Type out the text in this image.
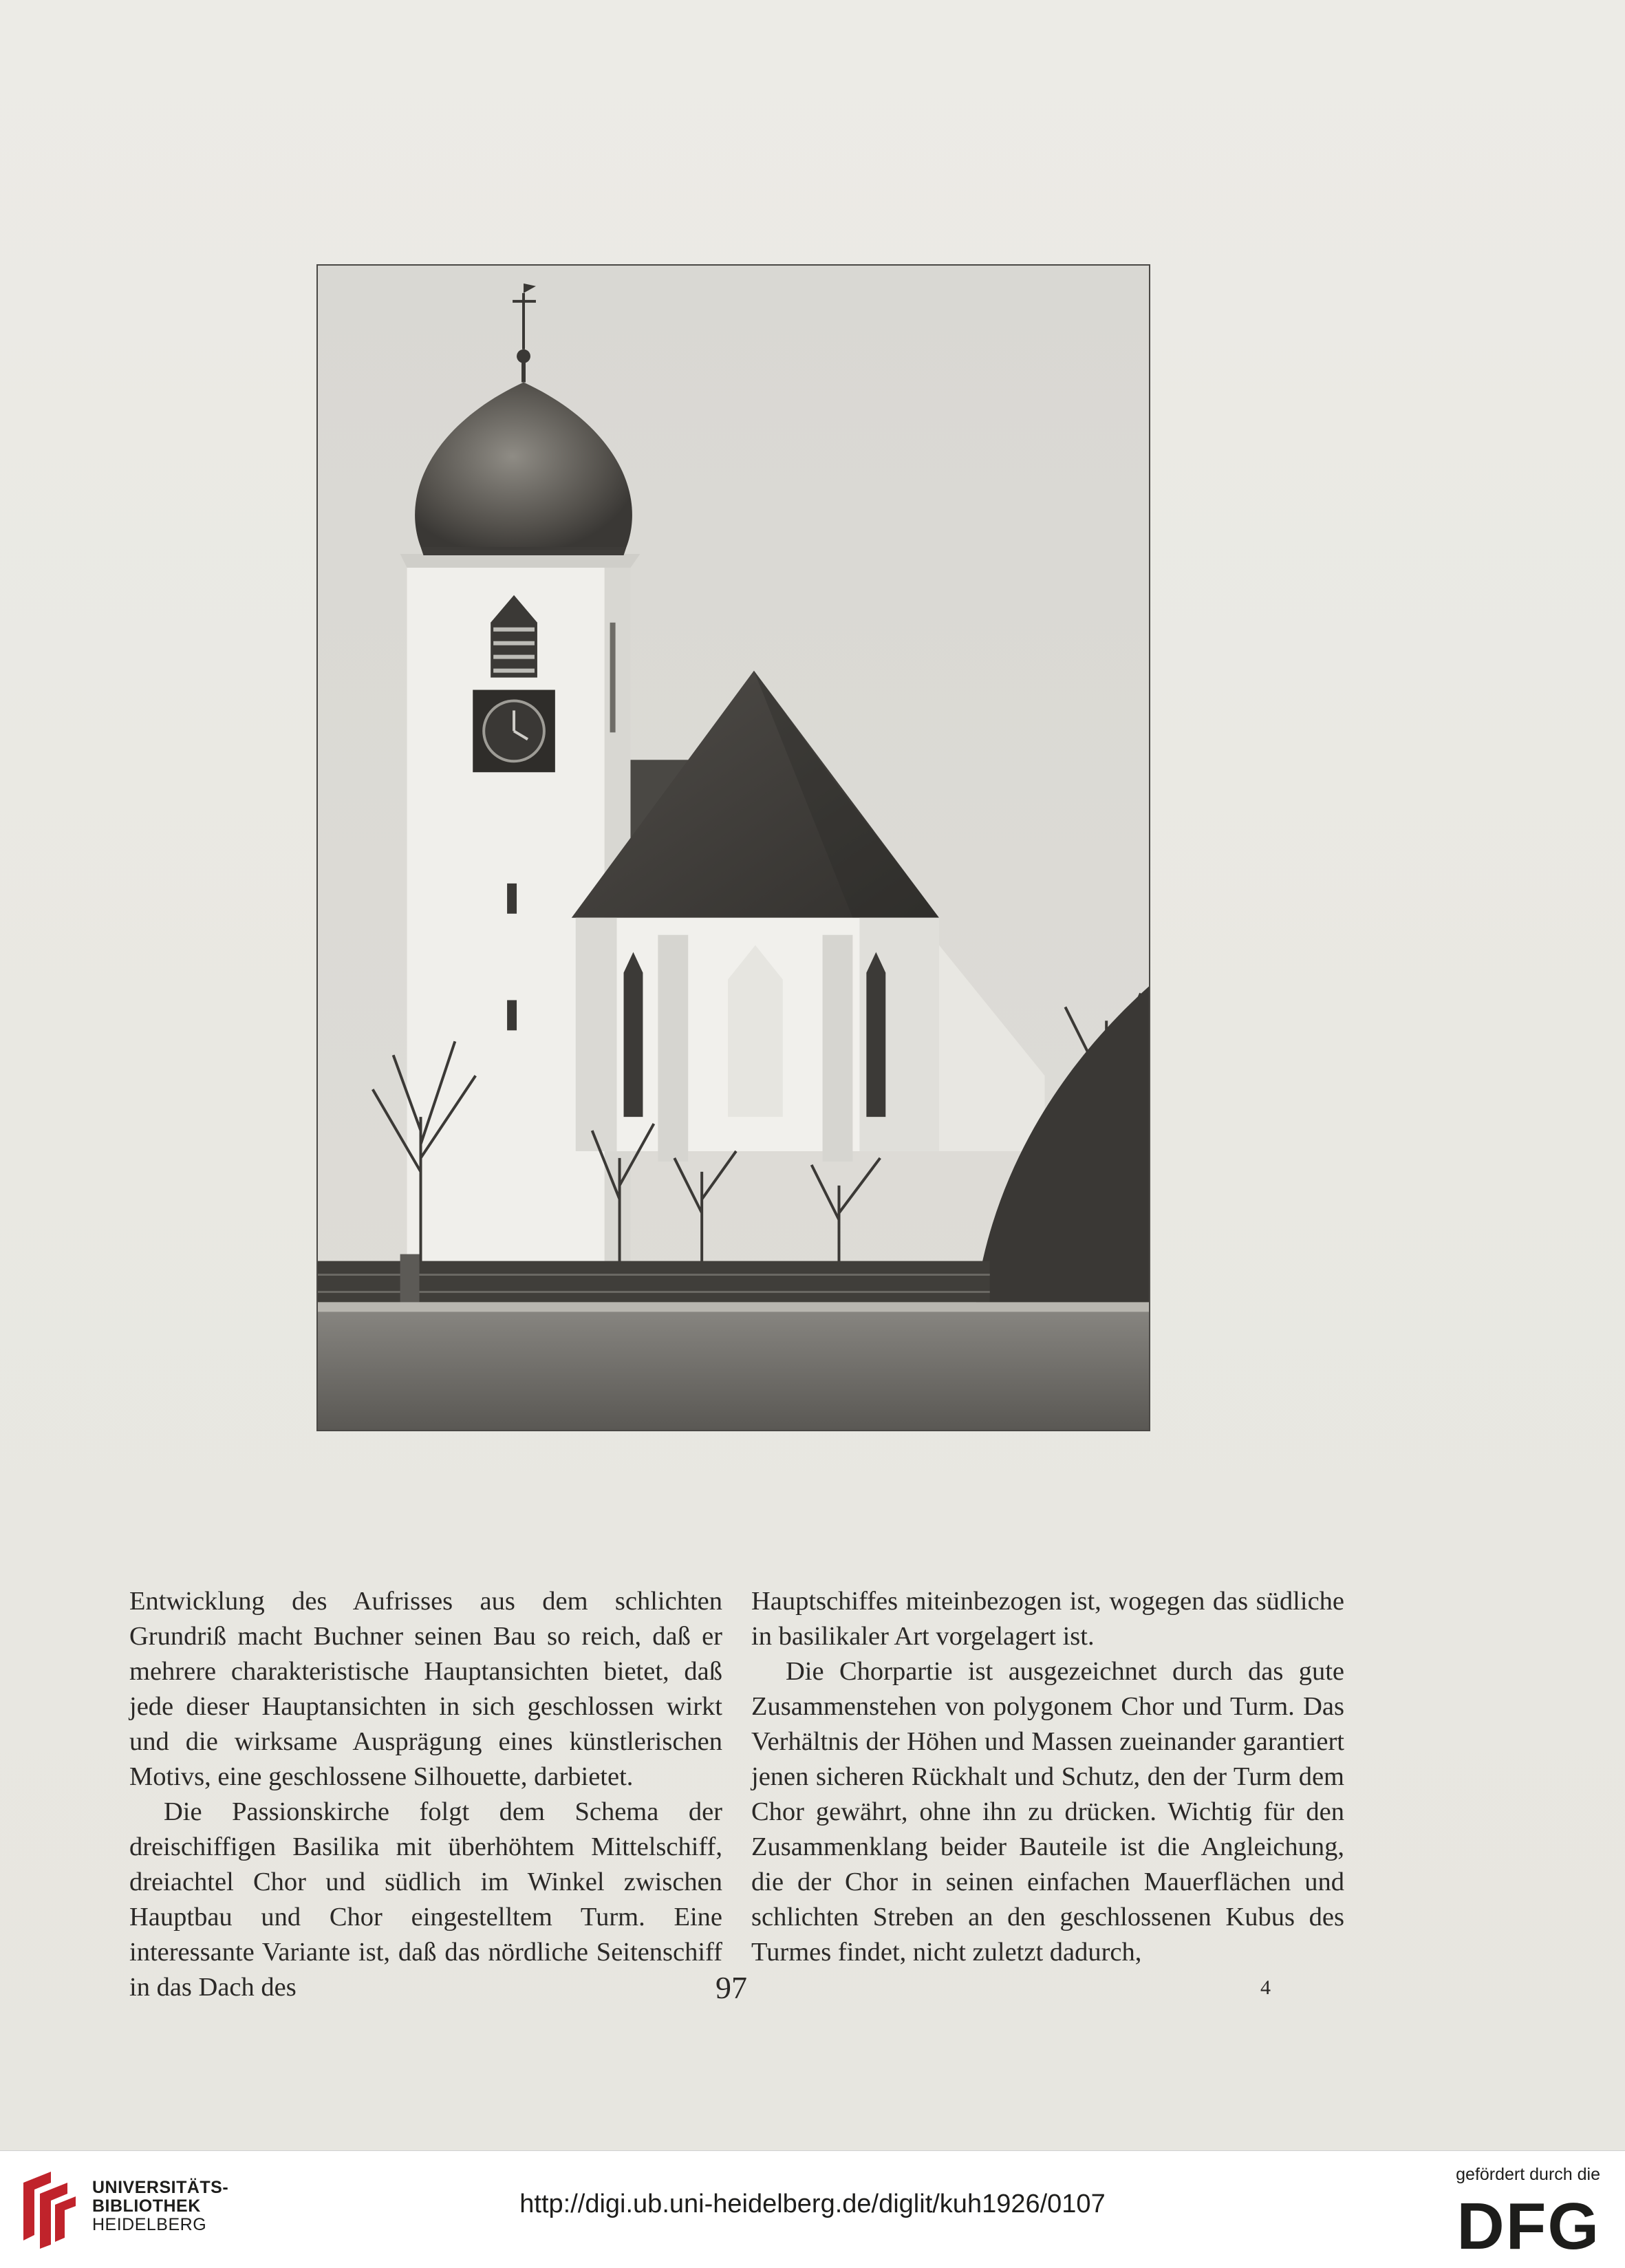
Entwicklung des Aufrisses aus dem schlichten Grundriß macht Buchner seinen Bau so reich, daß er mehrere charakteristische Hauptansichten bietet, daß jede dieser Hauptansichten in sich geschlossen wirkt und die wirksame Ausprägung eines künstlerischen Motivs, eine geschlossene Silhouette, darbietet.

Die Passionskirche folgt dem Schema der dreischiffigen Basilika mit überhöhtem Mittelschiff, dreiachtel Chor und südlich im Winkel zwischen Hauptbau und Chor eingestelltem Turm. Eine interessante Variante ist, daß das nördliche Seitenschiff in das Dach des

Hauptschiffes miteinbezogen ist, wogegen das südliche in basilikaler Art vorgelagert ist.

Die Chorpartie ist ausgezeichnet durch das gute Zusammenstehen von polygonem Chor und Turm. Das Verhältnis der Höhen und Massen zueinander garantiert jenen sicheren Rückhalt und Schutz, den der Turm dem Chor gewährt, ohne ihn zu drücken. Wichtig für den Zusammenklang beider Bauteile ist die Angleichung, die der Chor in seinen einfachen Mauerflächen und schlichten Streben an den geschlossenen Kubus des Turmes findet, nicht zuletzt dadurch,

97	4
UNIVERSITÄTS-
BIBLIOTHEK
HEIDELBERG
http://digi.ub.uni-heidelberg.de/diglit/kuh1926/0107
gefördert durch die
DFG
